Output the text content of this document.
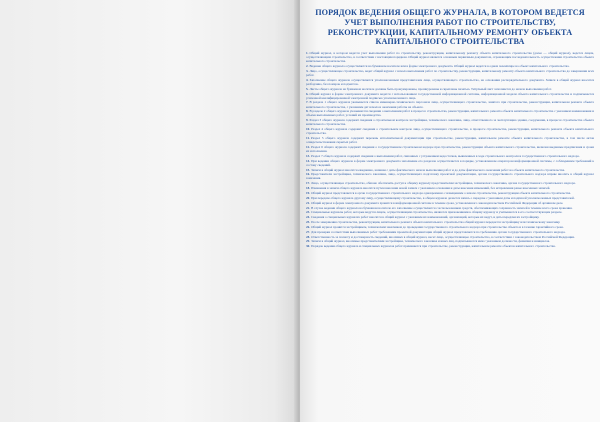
ПОРЯДОК ВЕДЕНИЯ ОБЩЕГО ЖУРНАЛА, В КОТОРОМ ВЕДЕТСЯ УЧЕТ ВЫПОЛНЕНИЯ РАБОТ ПО СТРОИТЕЛЬСТВУ, РЕКОНСТРУКЦИИ, КАПИТАЛЬНОМУ РЕМОНТУ ОБЪЕКТА КАПИТАЛЬНОГО СТРОИТЕЛЬСТВА

1.Общий журнал, в котором ведется учет выполнения работ по строительству, реконструкции, капитальному ремонту объекта капитального строительства (далее — общий журнал), ведется лицом, осуществляющим строительство, в соответствии с настоящим порядком. Общий журнал является основным первичным документом, отражающим последовательность осуществления строительства объекта капитального строительства.

2.Ведение общего журнала осуществляется на бумажном носителе или в форме электронного документа. Общий журнал ведется в одном экземпляре на объект капитального строительства.

3.Лицо, осуществляющее строительство, ведет общий журнал с начала выполнения работ по строительству, реконструкции, капитальному ремонту объекта капитального строительства до завершения всех работ.

4.Заполнение общего журнала осуществляется уполномоченным представителем лица, осуществляющего строительство, на основании распорядительного документа. Записи в общий журнал вносятся разборчиво, без помарок и подчисток.

5.Листы общего журнала на бумажном носителе должны быть пронумерованы, прошнурованы и скреплены печатью. Титульный лист заполняется до начала выполнения работ.

6.Общий журнал в форме электронного документа ведется с использованием государственной информационной системы, информационной модели объекта капитального строительства и подписывается усиленной квалифицированной электронной подписью уполномоченного лица.

7.В разделе 1 общего журнала указывается список инженерно-технического персонала лица, осуществляющего строительство, занятого при строительстве, реконструкции, капитальном ремонте объекта капитального строительства, с указанием дат начала и окончания работы на объекте.

8.В разделе 2 общего журнала указываются сведения о выполнении работ в процессе строительства, реконструкции, капитального ремонта объекта капитального строительства с указанием наименования и объема выполненных работ, условий их производства.

9.Раздел 3 общего журнала содержит сведения о строительном контроле застройщика, технического заказчика, лица, ответственного за эксплуатацию здания, сооружения, в процессе строительства объекта капитального строительства.

10.Раздел 4 общего журнала содержит сведения о строительном контроле лица, осуществляющего строительство, в процессе строительства, реконструкции, капитального ремонта объекта капитального строительства.

11.Раздел 5 общего журнала содержит перечень исполнительной документации при строительстве, реконструкции, капитальном ремонте объекта капитального строительства, в том числе актов освидетельствования скрытых работ.

12.Раздел 6 общего журнала содержит сведения о государственном строительном надзоре при строительстве, реконструкции объекта капитального строительства, включая выданные предписания и сроки их исполнения.

13.Раздел 7 общего журнала содержит сведения о выполнении работ, связанных с устранением недостатков, выявленных в ходе строительного контроля и государственного строительного надзора.

14.При ведении общего журнала в форме электронного документа заполнение его разделов осуществляется в порядке, установленном оператором информационной системы, с соблюдением требований к составу сведений.

15.Записи в общий журнал вносятся ежедневно, начиная с даты фактического начала выполнения работ и до даты фактического окончания работ на объекте капитального строительства.

16.Представители застройщика, технического заказчика, лица, осуществляющего подготовку проектной документации, органа государственного строительного надзора вправе вносить в общий журнал замечания.

17.Лицо, осуществляющее строительство, обязано обеспечить доступ к общему журналу представителям застройщика, технического заказчика, органа государственного строительного надзора.

18.Изменения в записи общего журнала вносятся путем внесения новой записи с указанием основания и даты внесения изменений, без исправления ранее внесенных записей.

19.Общий журнал представляется в орган государственного строительного надзора одновременно с извещением о начале строительства, реконструкции объекта капитального строительства.

20.При передаче общего журнала другому лицу, осуществляющему строительство, в общем журнале делается запись о передаче с указанием даты и подписей уполномоченных представителей.

21.Общий журнал в форме электронного документа хранится в информационной системе в течение срока, установленного законодательством Российской Федерации об архивном деле.

22.В случае ведения общего журнала на бумажном носителе его заполнение осуществляется с использованием средств, обеспечивающих сохранность записей в течение всего срока хранения.

23.Специальные журналы работ, которые ведутся лицом, осуществляющим строительство, являются приложениями к общему журналу и учитываются в его соответствующем разделе.

24.Сведения о специальных журналах работ вносятся в общий журнал с указанием их наименований, организаций, которые их ведут, и даты передачи их застройщику.

25.После завершения строительства, реконструкции, капитального ремонта объекта капитального строительства общий журнал передается застройщику или техническому заказчику.

26.Общий журнал хранится застройщиком, техническим заказчиком до проведения государственного строительного надзора при строительстве объекта и в течение гарантийного срока.

27.Для проверки соответствия выполняемых работ требованиям проектной документации общий журнал представляется по требованию органа государственного строительного надзора.

28.Ответственность за полноту и достоверность сведений, вносимых в общий журнал, несет лицо, осуществляющее строительство, в соответствии с законодательством Российской Федерации.

29.Записи в общий журнал, вносимые представителями застройщика, технического заказчика и иных лиц, подписываются ими с указанием должности, фамилии и инициалов.

30.Порядок ведения общего журнала и специальных журналов работ применяется при строительстве, реконструкции, капитальном ремонте объектов капитального строительства.
